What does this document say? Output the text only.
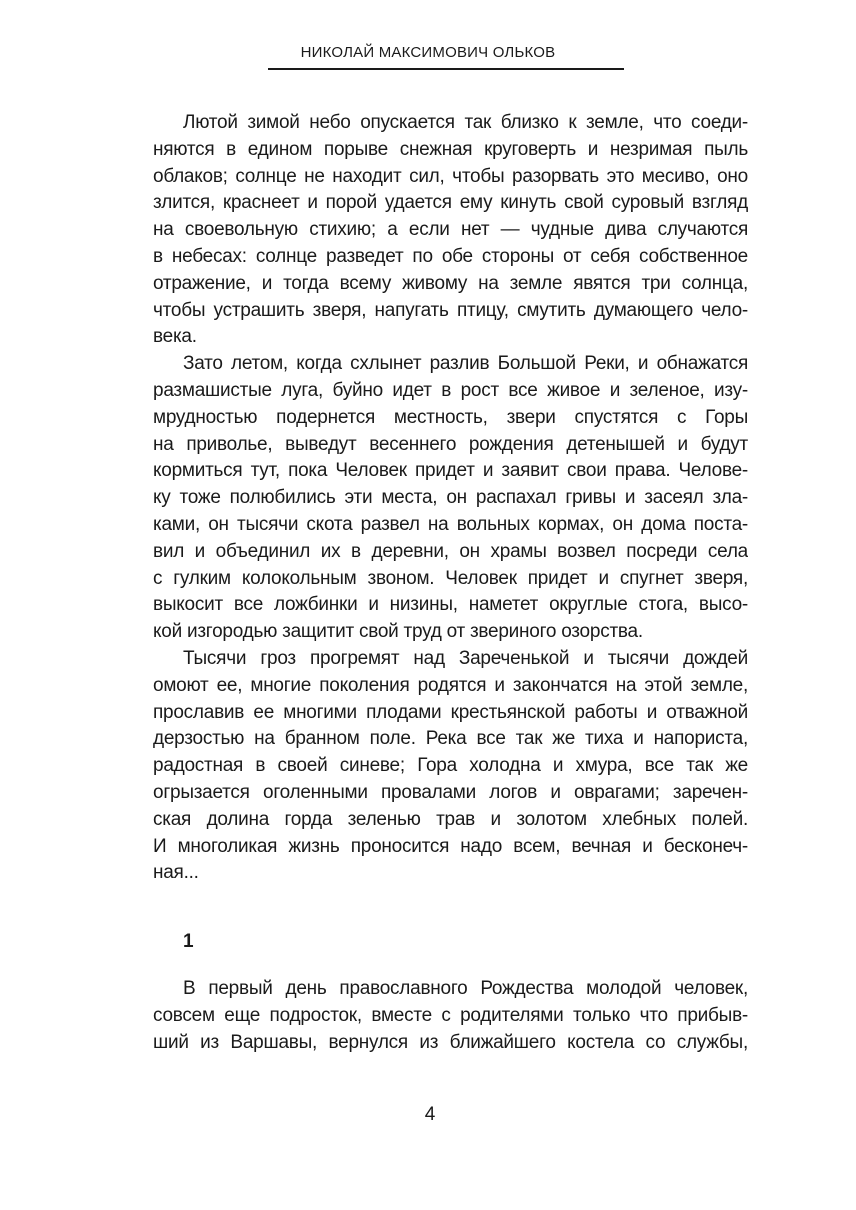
НИКОЛАЙ МАКСИМОВИЧ ОЛЬКОВ
Лютой зимой небо опускается так близко к земле, что соеди-
няются в едином порыве снежная круговерть и незримая пыль
облаков; солнце не находит сил, чтобы разорвать это месиво, оно
злится, краснеет и порой удается ему кинуть свой суровый взгляд
на своевольную стихию; а если нет — чудные дива случаются
в небесах: солнце разведет по обе стороны от себя собственное
отражение, и тогда всему живому на земле явятся три солнца,
чтобы устрашить зверя, напугать птицу, смутить думающего чело-
века.
Зато летом, когда схлынет разлив Большой Реки, и обнажатся
размашистые луга, буйно идет в рост все живое и зеленое, изу-
мрудностью подернется местность, звери спустятся с Горы
на приволье, выведут весеннего рождения детенышей и будут
кормиться тут, пока Человек придет и заявит свои права. Челове-
ку тоже полюбились эти места, он распахал гривы и засеял зла-
ками, он тысячи скота развел на вольных кормах, он дома поста-
вил и объединил их в деревни, он храмы возвел посреди села
с гулким колокольным звоном. Человек придет и спугнет зверя,
выкосит все ложбинки и низины, наметет округлые стога, высо-
кой изгородью защитит свой труд от звериного озорства.
Тысячи гроз прогремят над Зареченькой и тысячи дождей
омоют ее, многие поколения родятся и закончатся на этой земле,
прославив ее многими плодами крестьянской работы и отважной
дерзостью на бранном поле. Река все так же тиха и напориста,
радостная в своей синеве; Гора холодна и хмура, все так же
огрызается оголенными провалами логов и оврагами; заречен-
ская долина горда зеленью трав и золотом хлебных полей.
И многоликая жизнь проносится надо всем, вечная и бесконеч-
ная...
1
В первый день православного Рождества молодой человек,
совсем еще подросток, вместе с родителями только что прибыв-
ший из Варшавы, вернулся из ближайшего костела со службы,
4
